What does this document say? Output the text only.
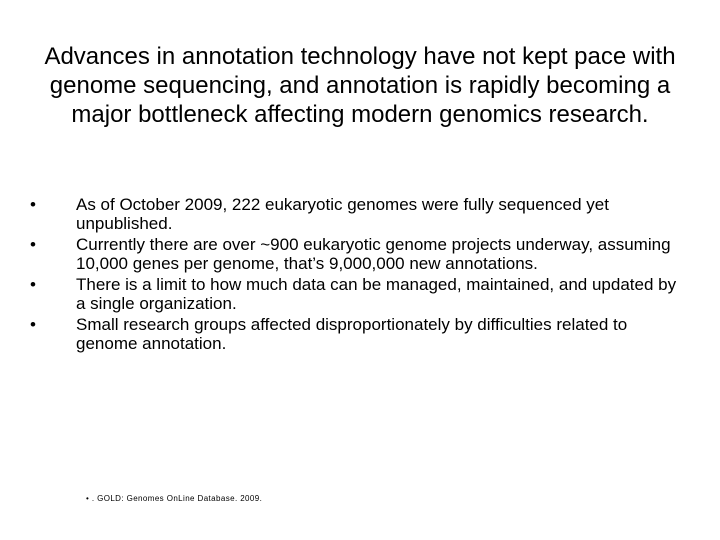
Advances in annotation technology have not kept pace with genome sequencing, and annotation is rapidly becoming a major bottleneck affecting modern genomics research.
• As of October 2009, 222 eukaryotic genomes were fully sequenced yet unpublished.
• Currently there are over ~900 eukaryotic genome projects underway, assuming 10,000 genes per genome, that’s 9,000,000 new annotations.
• There is a limit to how much data can be managed, maintained, and updated by a single organization.
• Small research groups affected disproportionately by difficulties related to genome annotation.
• . GOLD: Genomes OnLine Database. 2009.
